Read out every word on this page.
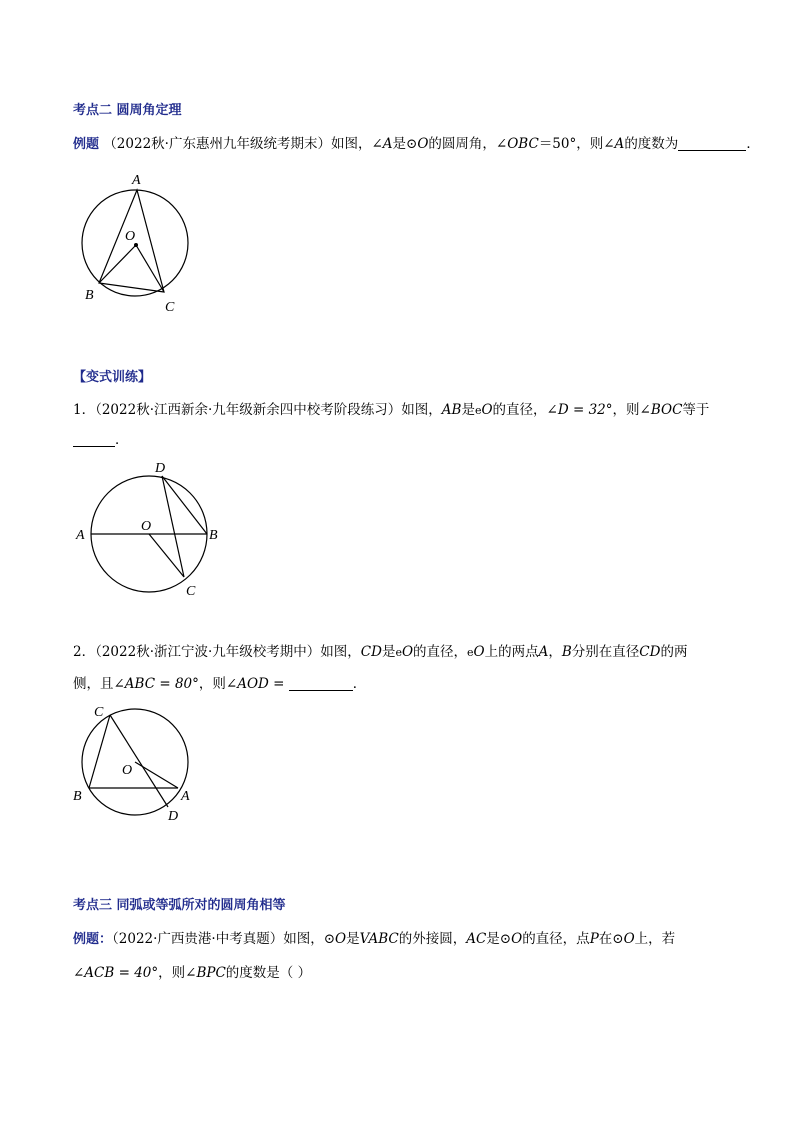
考点二 圆周角定理
例题 （2022秋·广东惠州九年级统考期末）如图，∠A是⊙O的圆周角，∠OBC＝50°，则∠A的度数为	．
A
O
B
C
【变式训练】
1．（2022秋·江西新余·九年级新余四中校考阶段练习）如图，AB是eO的直径，∠D = 32°，则∠BOC等于
．
D
O
A	B
C
2．（2022秋·浙江宁波·九年级校考期中）如图，CD是eO的直径，eO上的两点A，B分别在直径CD的两
侧，且∠ABC = 80°，则∠AOD =	．
C
O
B	A
D
考点三 同弧或等弧所对的圆周角相等
例题：（2022·广西贵港·中考真题）如图，⊙O是VABC的外接圆，AC是⊙O的直径，点P在⊙O上，若
∠ACB = 40°，则∠BPC的度数是（ ）
